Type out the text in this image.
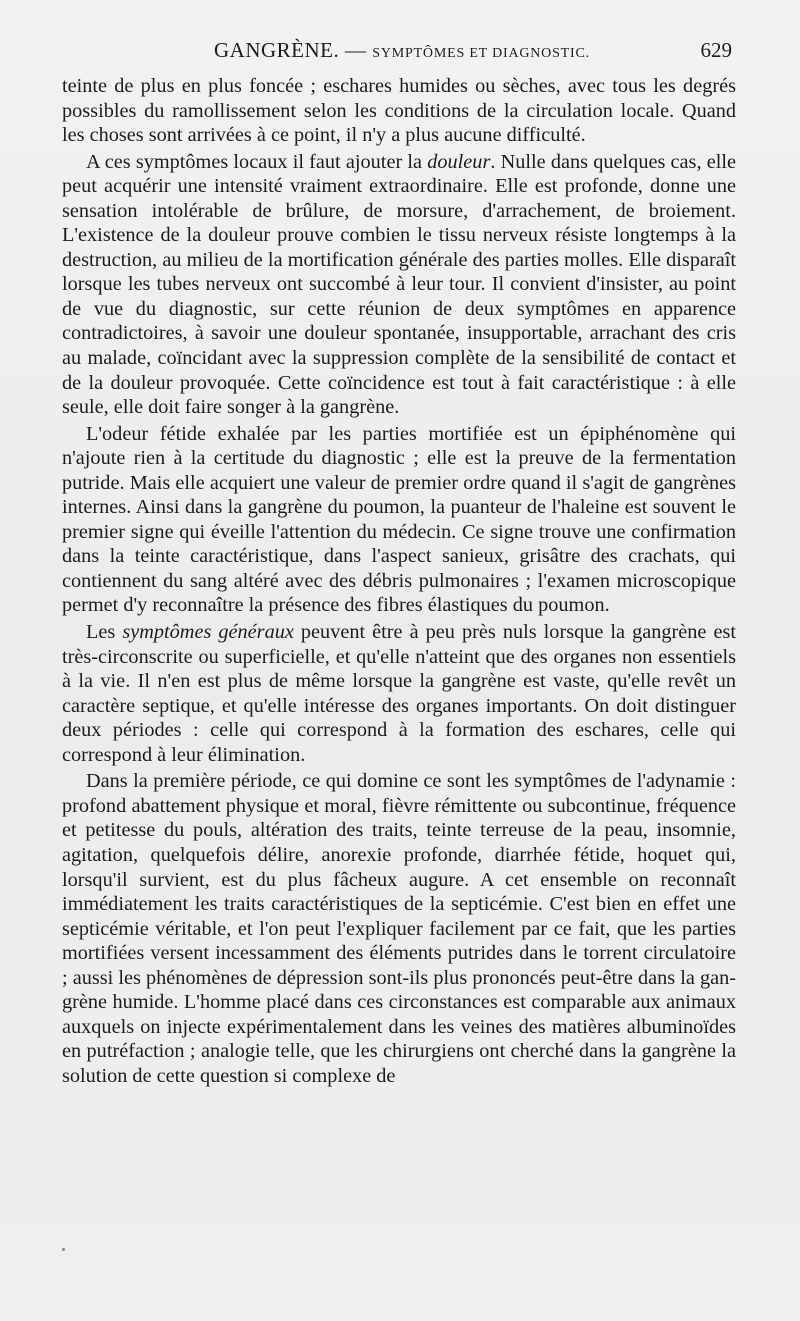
GANGRÈNE. — SYMPTÔMES ET DIAGNOSTIC.	629

teinte de plus en plus foncée ; eschares humides ou sèches, avec tous les degrés possibles du ramollissement selon les conditions de la circulation locale. Quand les choses sont arrivées à ce point, il n'y a plus aucune difficulté.

A ces symptômes locaux il faut ajouter la douleur. Nulle dans quelques cas, elle peut acquérir une intensité vraiment extraordinaire. Elle est profonde, donne une sensation intolérable de brûlure, de morsure, d'arrachement, de broiement. L'existence de la douleur prouve combien le tissu nerveux résiste longtemps à la destruction, au milieu de la mortification générale des parties molles. Elle disparaît lorsque les tubes nerveux ont succombé à leur tour. Il convient d'insister, au point de vue du diagnostic, sur cette réunion de deux symptômes en apparence contradictoires, à savoir une douleur spontanée, insupportable, arrachant des cris au malade, coïncidant avec la suppression complète de la sensibilité de contact et de la douleur provoquée. Cette coïncidence est tout à fait caractéristique : à elle seule, elle doit faire songer à la gangrène.

L'odeur fétide exhalée par les parties mortifiée est un épiphénomène qui n'ajoute rien à la certitude du diagnostic ; elle est la preuve de la fermentation putride. Mais elle acquiert une valeur de premier ordre quand il s'agit de gangrènes internes. Ainsi dans la gangrène du poumon, la puanteur de l'haleine est souvent le premier signe qui éveille l'attention du médecin. Ce signe trouve une confirmation dans la teinte caractéristique, dans l'aspect sanieux, grisâtre des crachats, qui contiennent du sang altéré avec des débris pulmonaires ; l'examen microscopique permet d'y reconnaître la présence des fibres élastiques du poumon.

Les symptômes généraux peuvent être à peu près nuls lorsque la gangrène est très-circonscrite ou superficielle, et qu'elle n'atteint que des organes non essentiels à la vie. Il n'en est plus de même lorsque la gangrène est vaste, qu'elle revêt un caractère septique, et qu'elle intéresse des organes importants. On doit distinguer deux périodes : celle qui correspond à la formation des eschares, celle qui correspond à leur élimination.

Dans la première période, ce qui domine ce sont les symptômes de l'adynamie : profond abattement physique et moral, fièvre rémittente ou subcontinue, fréquence et petitesse du pouls, altération des traits, teinte terreuse de la peau, insomnie, agitation, quelquefois délire, anorexie profonde, diarrhée fétide, hoquet qui, lorsqu'il survient, est du plus fâcheux augure. A cet ensemble on reconnaît immédiatement les traits caractéristiques de la septicémie. C'est bien en effet une septicémie véritable, et l'on peut l'expliquer facilement par ce fait, que les parties mortifiées versent incessamment des éléments putrides dans le torrent circulatoire ; aussi les phénomènes de dépression sont-ils plus prononcés peut-être dans la gangrène humide. L'homme placé dans ces circonstances est comparable aux animaux auxquels on injecte expérimentalement dans les veines des matières albuminoïdes en putréfaction ; analogie telle, que les chirurgiens ont cherché dans la gangrène la solution de cette question si complexe de
